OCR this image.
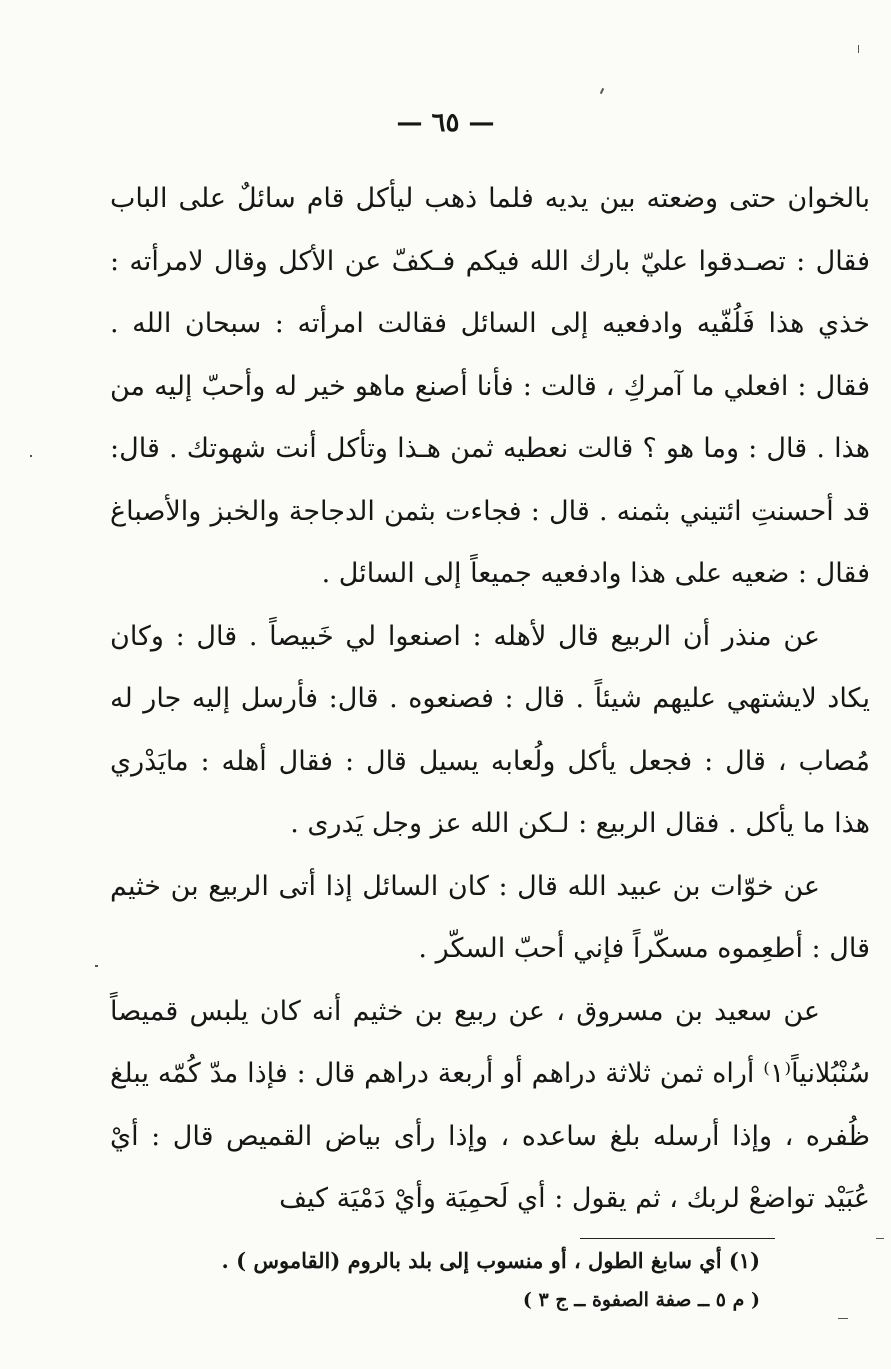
— ٦٥ —

بالخوان حتى وضعته بين يديه فلما ذهب ليأكل قام سائلٌ على الباب فقال : تصـدقوا عليّ بارك الله فيكم فـكفّ عن الأكل وقال لامرأته : خذي هذا فَلُفّيه وادفعيه إلى السائل فقالت امرأته : سبحان الله . فقال : افعلي ما آمركِ ، قالت : فأنا أصنع ماهو خير له وأحبّ إليه من هذا . قال : وما هو ؟ قالت نعطيه ثمن هـذا وتأكل أنت شهوتك . قال: قد أحسنتِ ائتيني بثمنه . قال : فجاءت بثمن الدجاجة والخبز والأصباغ فقال : ضعيه على هذا وادفعيه جميعاً إلى السائل .

عن منذر أن الربيع قال لأهله : اصنعوا لي خَبيصاً . قال : وكان يكاد لايشتهي عليهم شيئاً . قال : فصنعوه . قال: فأرسل إليه جار له مُصاب ، قال : فجعل يأكل ولُعابه يسيل قال : فقال أهله : مايَدْري هذا ما يأكل . فقال الربيع : لـكن الله عز وجل يَدرى .

عن خوّات بن عبيد الله قال : كان السائل إذا أتى الربيع بن خثيم قال : أطعِموه مسكّراً فإني أحبّ السكّر .

عن سعيد بن مسروق ، عن ربيع بن خثيم أنه كان يلبس قميصاً سُنْبُلانياً⁽١⁾ أراه ثمن ثلاثة دراهم أو أربعة دراهم قال : فإذا مدّ كُمّه يبلغ ظُفره ، وإذا أرسله بلغ ساعده ، وإذا رأى بياض القميص قال : أيْ عُبَيْد تواضعْ لربك ، ثم يقول : أي لَحمِيَة وأيْ دَمْيَة كيف

(١) أي سابغ الطول ، أو منسوب إلى بلد بالروم (القاموس ) .
( م ٥ ــ صفة الصفوة ــ ج ٣ )
